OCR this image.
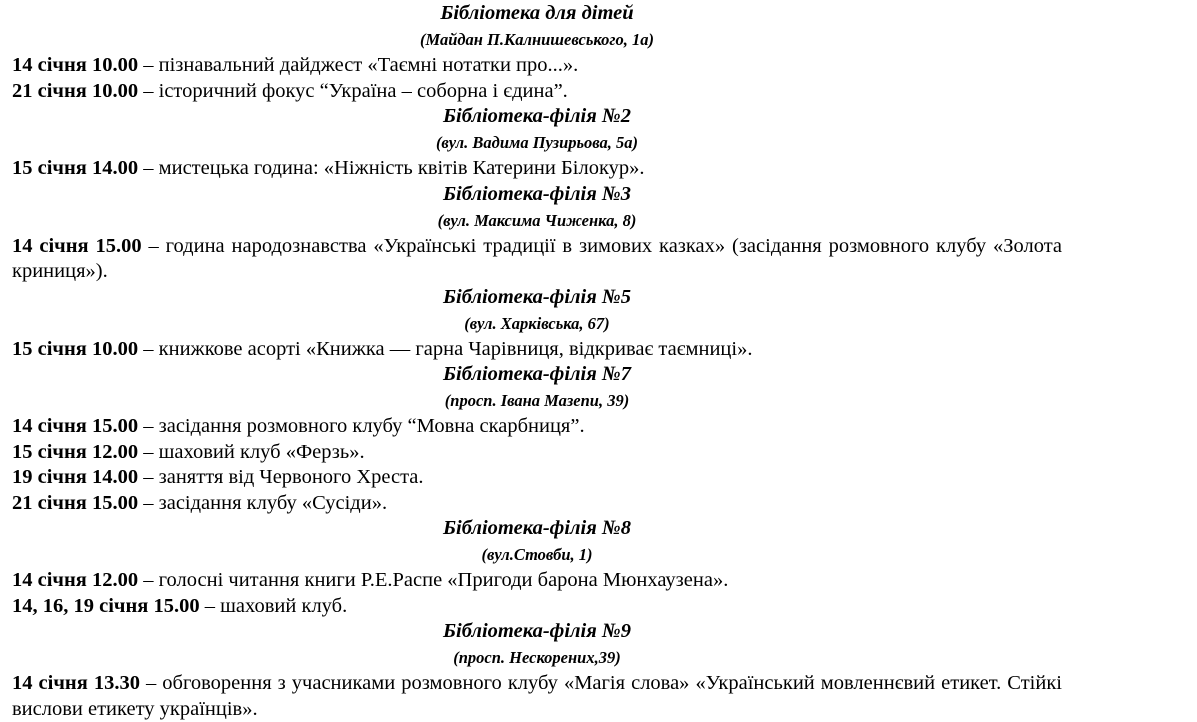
Бібліотека для дітей
(Майдан П.Калнишевського, 1а)
14 січня 10.00 – пізнавальний дайджест «Таємні нотатки про...».
21 січня 10.00 – історичний фокус “Україна – соборна і єдина”.
Бібліотека-філія №2
(вул. Вадима Пузирьова, 5а)
15 січня 14.00 – мистецька година: «Ніжність квітів Катерини Білокур».
Бібліотека-філія №3
(вул. Максима Чиженка, 8)
14 січня 15.00 – година народознавства «Українські традиції в зимових казках» (засідання розмовного клубу «Золота криниця»).
Бібліотека-філія №5
(вул. Харківська, 67)
15 січня 10.00 – книжкове асорті «Книжка — гарна Чарівниця, відкриває таємниці».
Бібліотека-філія №7
(просп. Івана Мазепи, 39)
14 січня 15.00 – засідання розмовного клубу “Мовна скарбниця”.
15 січня 12.00 – шаховий клуб «Ферзь».
19 січня 14.00 – заняття від Червоного Хреста.
21 січня 15.00 – засідання клубу «Сусіди».
Бібліотека-філія №8
(вул.Стовби, 1)
14 січня 12.00 – голосні читання книги Р.Е.Распе «Пригоди барона Мюнхаузена».
14, 16, 19 січня 15.00 – шаховий клуб.
Бібліотека-філія №9
(просп. Нескорених,39)
14 січня 13.30 – обговорення з учасниками розмовного клубу «Магія слова» «Український мовленнєвий етикет. Стійкі вислови етикету українців».
